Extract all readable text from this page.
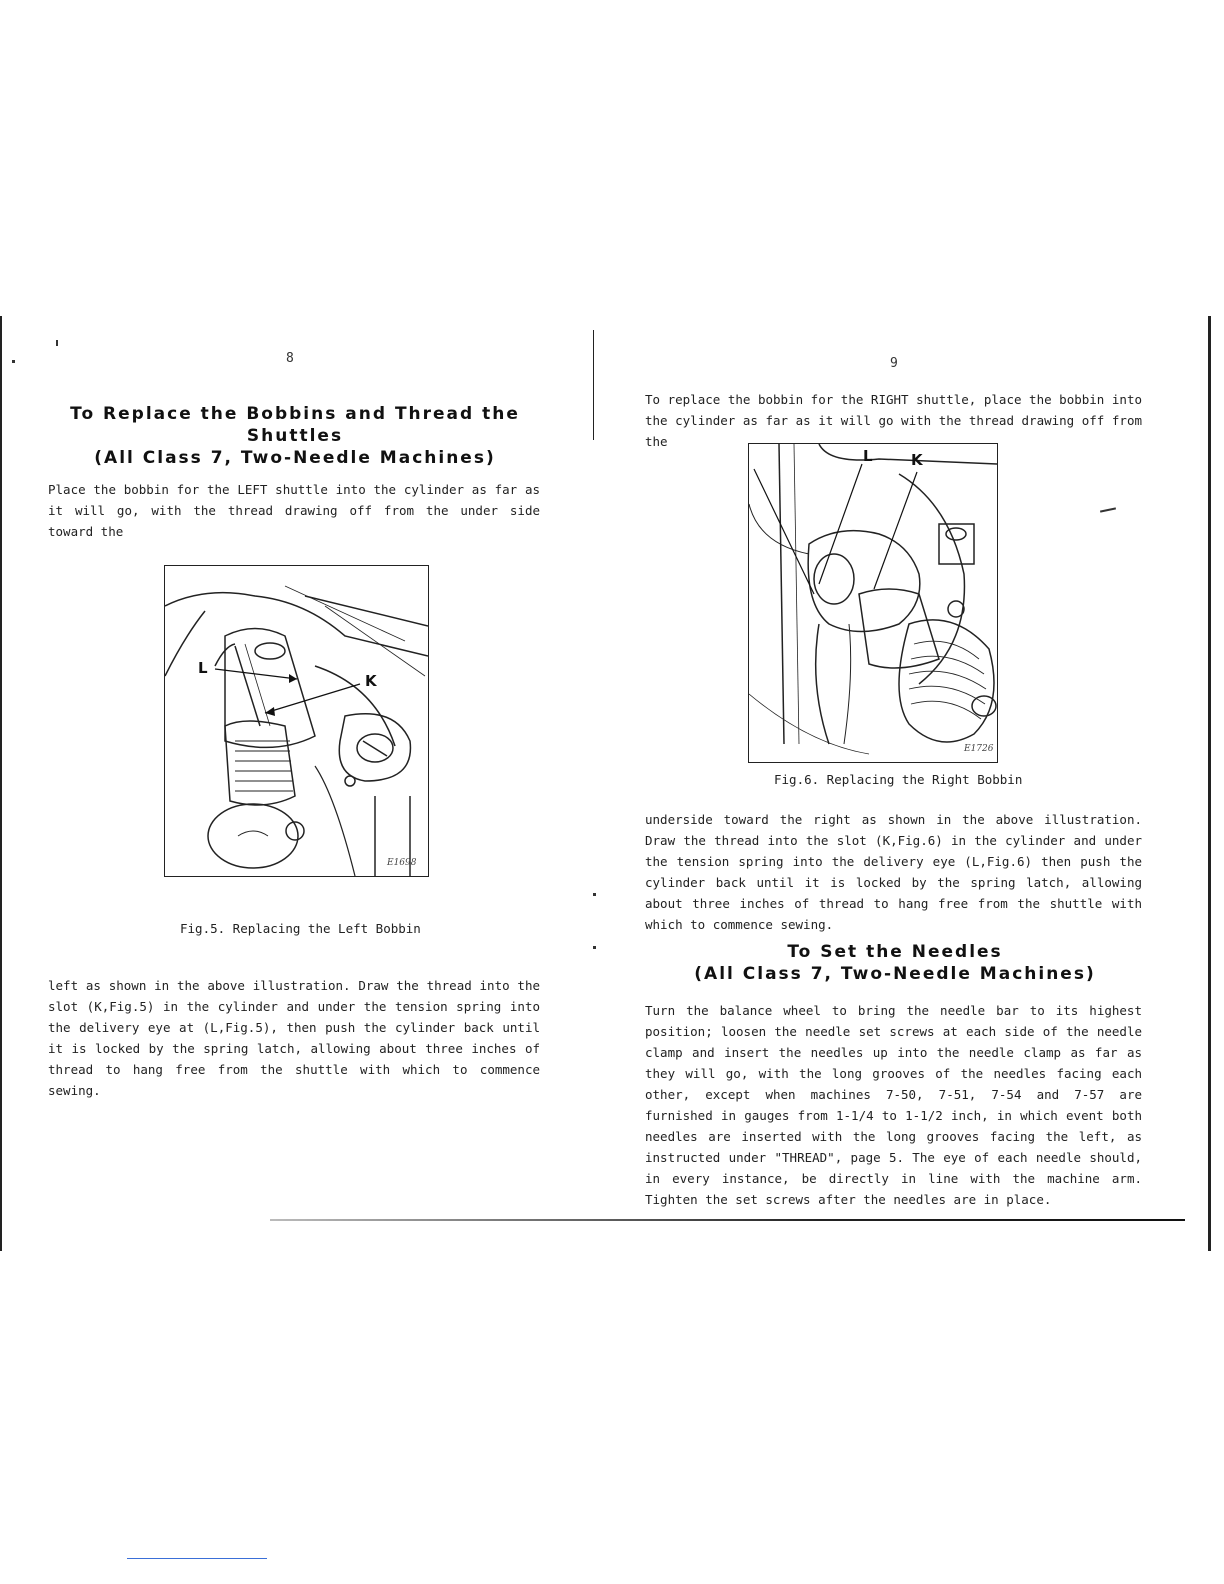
8
To Replace the Bobbins and Thread the Shuttles
(All Class 7, Two-Needle Machines)
Place the bobbin for the LEFT shuttle into the cylinder as far as it will go, with the thread drawing off from the under side toward the
L
K
E1698
Fig.5. Replacing the Left Bobbin
left as shown in the above illustration. Draw the thread into the slot (K,Fig.5) in the cylinder and under the tension spring into the delivery eye at (L,Fig.5), then push the cylinder back until it is locked by the spring latch, allowing about three inches of thread to hang free from the shuttle with which to commence sewing.
9
To replace the bobbin for the RIGHT shuttle, place the bobbin into the cylinder as far as it will go with the thread drawing off from the
L	K
E1726
Fig.6. Replacing the Right Bobbin
underside toward the right as shown in the above illustration. Draw the thread into the slot (K,Fig.6) in the cylinder and under the tension spring into the delivery eye (L,Fig.6) then push the cylinder back until it is locked by the spring latch, allowing about three inches of thread to hang free from the shuttle with which to commence sewing.
To Set the Needles
(All Class 7, Two-Needle Machines)
Turn the balance wheel to bring the needle bar to its highest position; loosen the needle set screws at each side of the needle clamp and insert the needles up into the needle clamp as far as they will go, with the long grooves of the needles facing each other, except when machines 7-50, 7-51, 7-54 and 7-57 are furnished in gauges from 1-1/4 to 1-1/2 inch, in which event both needles are inserted with the long grooves facing the left, as instructed under "THREAD", page 5. The eye of each needle should, in every instance, be directly in line with the machine arm. Tighten the set screws after the needles are in place.
